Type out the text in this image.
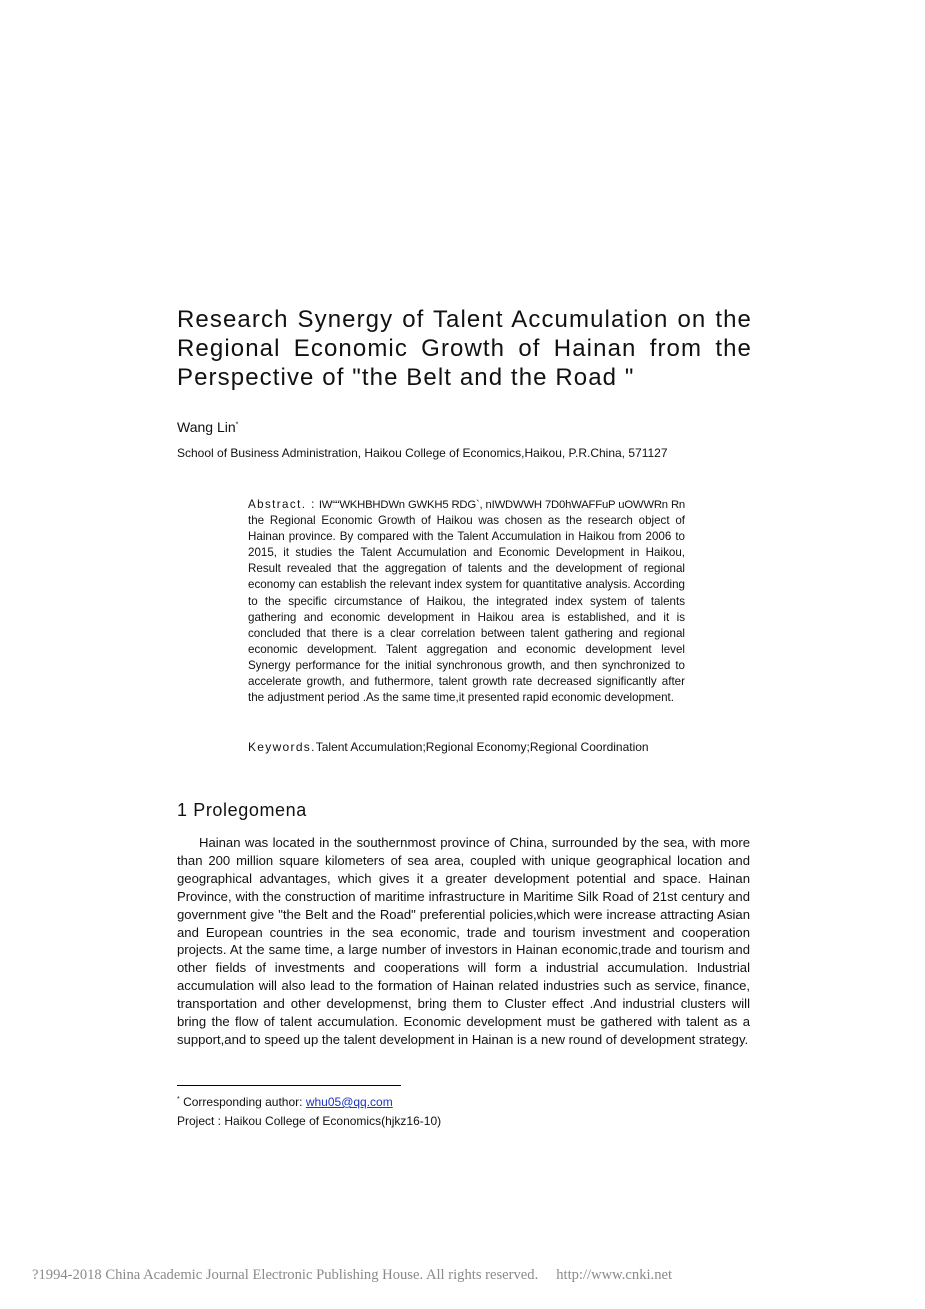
Research Synergy of Talent Accumulation on the Regional Economic Growth of Hainan from the Perspective of "the Belt and the Road "
Wang Lin*
School of Business Administration, Haikou College of Economics,Haikou, P.R.China, 571127

Abstract. : IW““WKHBHDWn GWKH5 RDG`, nIWDWWH 7D0hWAFFuP uOWWRn Rn the Regional Economic Growth of Haikou was chosen as the research object of Hainan province. By compared with the Talent Accumulation in Haikou from 2006 to 2015, it studies the Talent Accumulation and Economic Development in Haikou, Result revealed that the aggregation of talents and the development of regional economy can establish the relevant index system for quantitative analysis. According to the specific circumstance of Haikou, the integrated index system of talents gathering and economic development in Haikou area is established, and it is concluded that there is a clear correlation between talent gathering and regional economic development. Talent aggregation and economic development level Synergy performance for the initial synchronous growth, and then synchronized to accelerate growth, and futhermore, talent growth rate decreased significantly after the adjustment period .As the same time,it presented rapid economic development.

Keywords.Talent Accumulation;Regional Economy;Regional Coordination
1 Prolegomena

Hainan was located in the southernmost province of China, surrounded by the sea, with more than 200 million square kilometers of sea area, coupled with unique geographical location and geographical advantages, which gives it a greater development potential and space. Hainan Province, with the construction of maritime infrastructure in Maritime Silk Road of 21st century and government give "the Belt and the Road" preferential policies,which were increase attracting Asian and European countries in the sea economic, trade and tourism investment and cooperation projects. At the same time, a large number of investors in Hainan economic,trade and tourism and other fields of investments and cooperations will form a industrial accumulation. Industrial accumulation will also lead to the formation of Hainan related industries such as service, finance, transportation and other developmenst, bring them to Cluster effect .And industrial clusters will bring the flow of talent accumulation. Economic development must be gathered with talent as a support,and to speed up the talent development in Hainan is a new round of development strategy.

* Corresponding author: whu05@qq.com
Project : Haikou College of Economics(hjkz16-10)
?1994-2018 China Academic Journal Electronic Publishing House. All rights reserved. http://www.cnki.net
